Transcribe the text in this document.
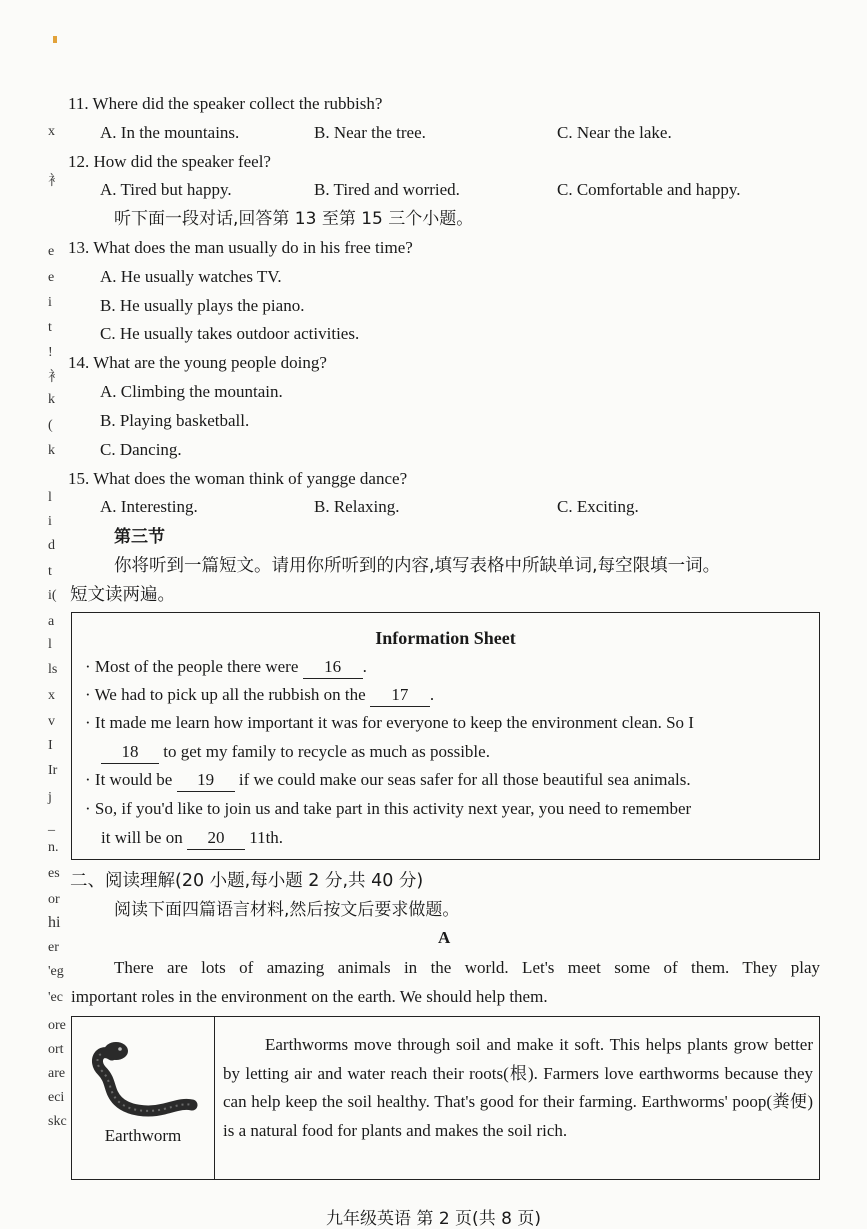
x
衤
e
e
i
t
!
衤
k
(
k
l
i
d
t
i(
a
l
ls
x
v
I
Ir
j
_
n.
es
or
hi
er
'eg
'ec
ore
ort
are
eci
skc
11. Where did the speaker collect the rubbish?
A. In the mountains.	B. Near the tree.	C. Near the lake.
12. How did the speaker feel?
A. Tired but happy.	B. Tired and worried.	C. Comfortable and happy.
听下面一段对话,回答第 13 至第 15 三个小题。
13. What does the man usually do in his free time?
A. He usually watches TV.
B. He usually plays the piano.
C. He usually takes outdoor activities.
14. What are the young people doing?
A. Climbing the mountain.
B. Playing basketball.
C. Dancing.
15. What does the woman think of yangge dance?
A. Interesting.	B. Relaxing.	C. Exciting.
第三节
你将听到一篇短文。请用你所听到的内容,填写表格中所缺单词,每空限填一词。
短文读两遍。
Information Sheet
· Most of the people there were 16 .
· We had to pick up all the rubbish on the 17 .
· It made me learn how important it was for everyone to keep the environment clean. So I
18 to get my family to recycle as much as possible.
· It would be 19 if we could make our seas safer for all those beautiful sea animals.
· So, if you'd like to join us and take part in this activity next year, you need to remember
it will be on 20 11th.
二、阅读理解(20 小题,每小题 2 分,共 40 分)
阅读下面四篇语言材料,然后按文后要求做题。
A
There are lots of amazing animals in the world. Let's meet some of them. They play
important roles in the environment on the earth. We should help them.
Earthworm
Earthworms move through soil and make it soft. This helps plants grow better by letting air and water reach their roots(根). Farmers love earthworms because they can help keep the soil healthy. That's good for their farming. Earthworms' poop(粪便) is a natural food for plants and makes the soil rich.
九年级英语 第 2 页(共 8 页)
